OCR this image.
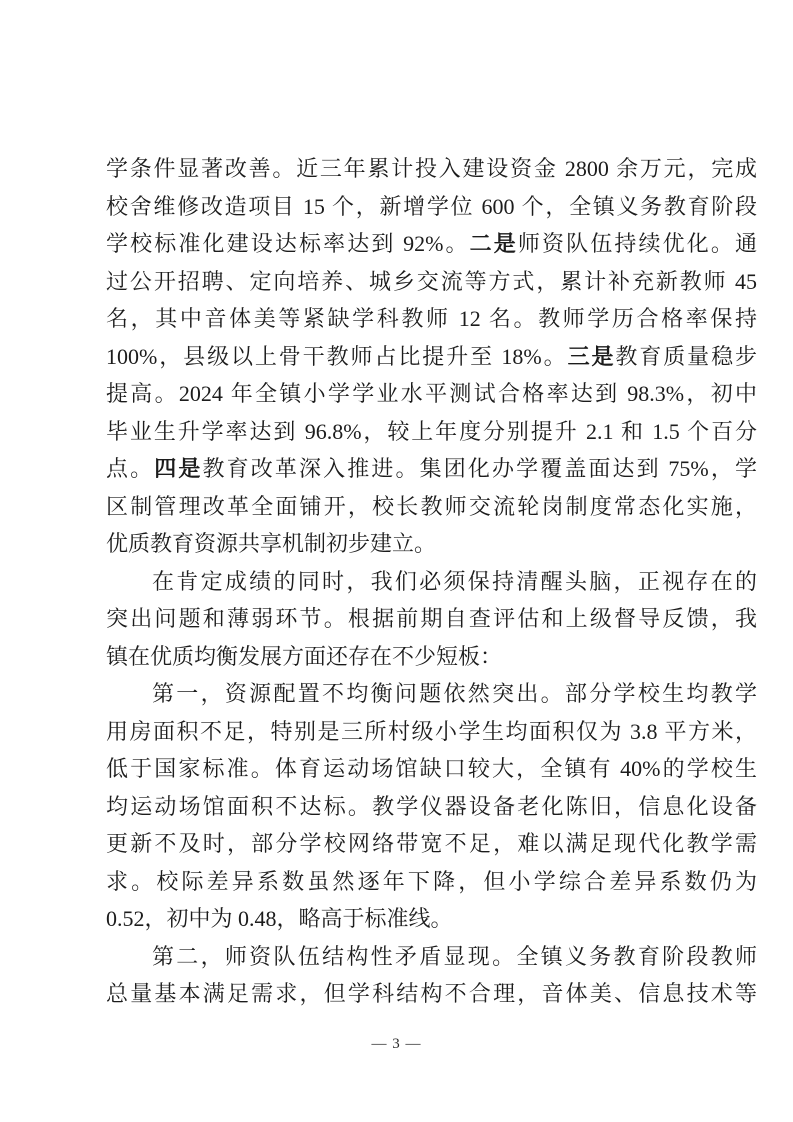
学条件显著改善。近三年累计投入建设资金 2800 余万元，完成
校舍维修改造项目 15 个，新增学位 600 个，全镇义务教育阶段
学校标准化建设达标率达到 92%。二是师资队伍持续优化。通
过公开招聘、定向培养、城乡交流等方式，累计补充新教师 45
名，其中音体美等紧缺学科教师 12 名。教师学历合格率保持
100%，县级以上骨干教师占比提升至 18%。三是教育质量稳步
提高。2024 年全镇小学学业水平测试合格率达到 98.3%，初中
毕业生升学率达到 96.8%，较上年度分别提升 2.1 和 1.5 个百分
点。四是教育改革深入推进。集团化办学覆盖面达到 75%，学
区制管理改革全面铺开，校长教师交流轮岗制度常态化实施，
优质教育资源共享机制初步建立。
在肯定成绩的同时，我们必须保持清醒头脑，正视存在的
突出问题和薄弱环节。根据前期自查评估和上级督导反馈，我
镇在优质均衡发展方面还存在不少短板：
第一，资源配置不均衡问题依然突出。部分学校生均教学
用房面积不足，特别是三所村级小学生均面积仅为 3.8 平方米，
低于国家标准。体育运动场馆缺口较大，全镇有 40%的学校生
均运动场馆面积不达标。教学仪器设备老化陈旧，信息化设备
更新不及时，部分学校网络带宽不足，难以满足现代化教学需
求。校际差异系数虽然逐年下降，但小学综合差异系数仍为
0.52，初中为 0.48，略高于标准线。
第二，师资队伍结构性矛盾显现。全镇义务教育阶段教师
总量基本满足需求，但学科结构不合理，音体美、信息技术等
— 3 —
